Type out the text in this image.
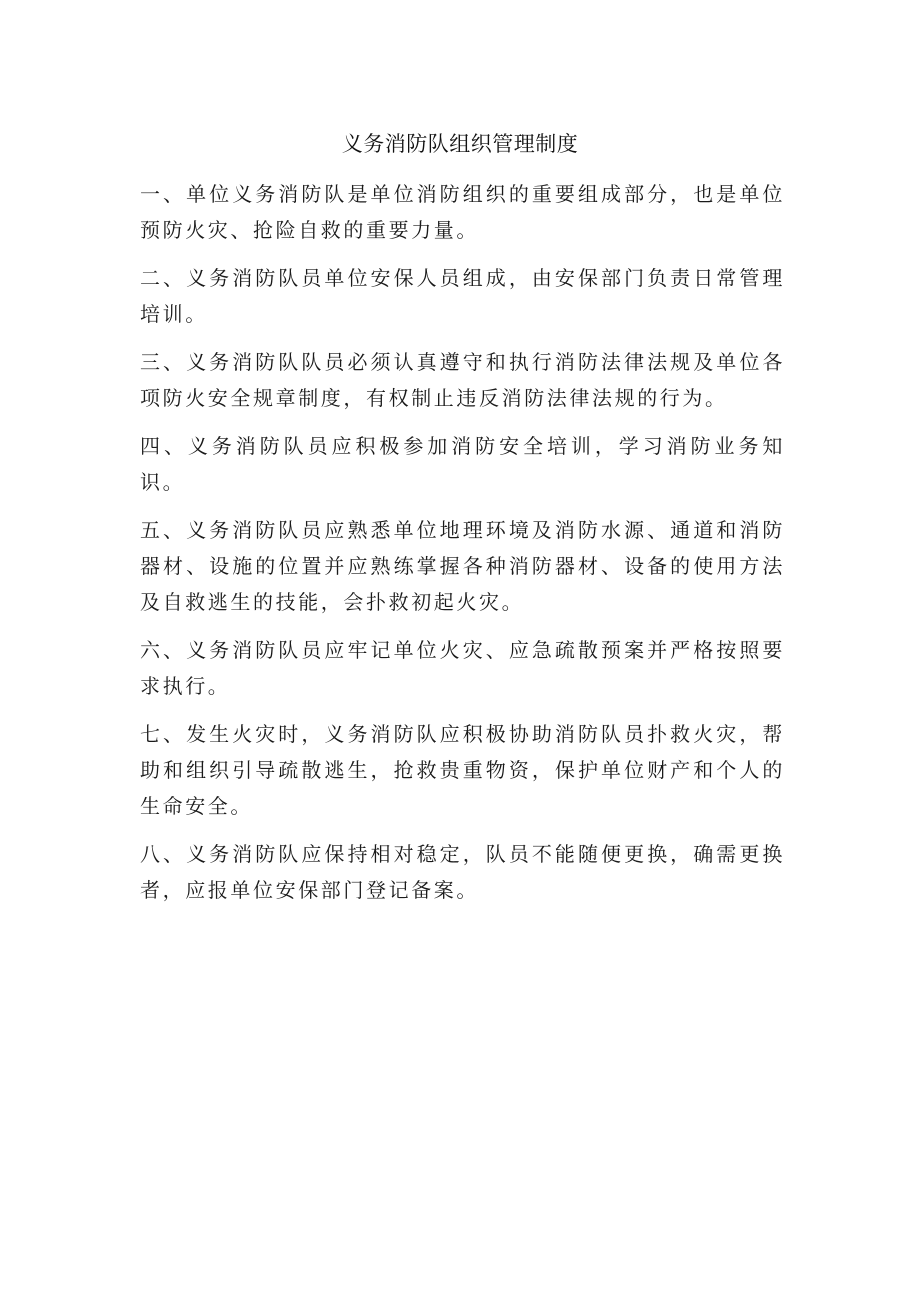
义务消防队组织管理制度

一、单位义务消防队是单位消防组织的重要组成部分，也是单位预防火灾、抢险自救的重要力量。

二、义务消防队员单位安保人员组成，由安保部门负责日常管理培训。

三、义务消防队队员必须认真遵守和执行消防法律法规及单位各项防火安全规章制度，有权制止违反消防法律法规的行为。

四、义务消防队员应积极参加消防安全培训，学习消防业务知识。

五、义务消防队员应熟悉单位地理环境及消防水源、通道和消防器材、设施的位置并应熟练掌握各种消防器材、设备的使用方法及自救逃生的技能，会扑救初起火灾。

六、义务消防队员应牢记单位火灾、应急疏散预案并严格按照要求执行。

七、发生火灾时，义务消防队应积极协助消防队员扑救火灾，帮助和组织引导疏散逃生，抢救贵重物资，保护单位财产和个人的生命安全。

八、义务消防队应保持相对稳定，队员不能随便更换，确需更换者，应报单位安保部门登记备案。
